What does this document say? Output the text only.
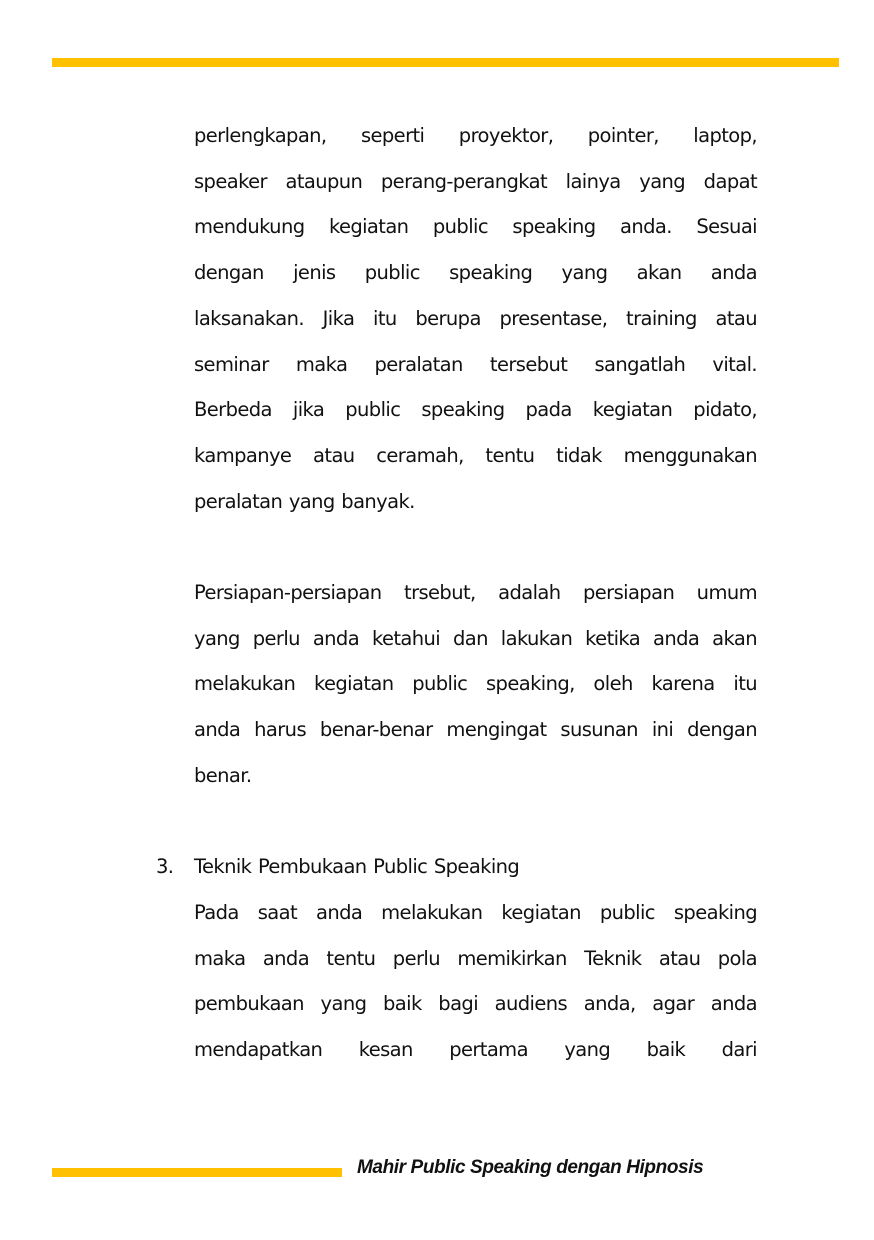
perlengkapan, seperti proyektor, pointer, laptop,
speaker ataupun perang-perangkat lainya yang dapat
mendukung kegiatan public speaking anda. Sesuai
dengan jenis public speaking yang akan anda
laksanakan. Jika itu berupa presentase, training atau
seminar maka peralatan tersebut sangatlah vital.
Berbeda jika public speaking pada kegiatan pidato,
kampanye atau ceramah, tentu tidak menggunakan
peralatan yang banyak.
Persiapan-persiapan trsebut, adalah persiapan umum
yang perlu anda ketahui dan lakukan ketika anda akan
melakukan kegiatan public speaking, oleh karena itu
anda harus benar-benar mengingat susunan ini dengan
benar.
3. Teknik Pembukaan Public Speaking
Pada saat anda melakukan kegiatan public speaking
maka anda tentu perlu memikirkan Teknik atau pola
pembukaan yang baik bagi audiens anda, agar anda
mendapatkan kesan pertama yang baik dari
Mahir Public Speaking dengan Hipnosis
